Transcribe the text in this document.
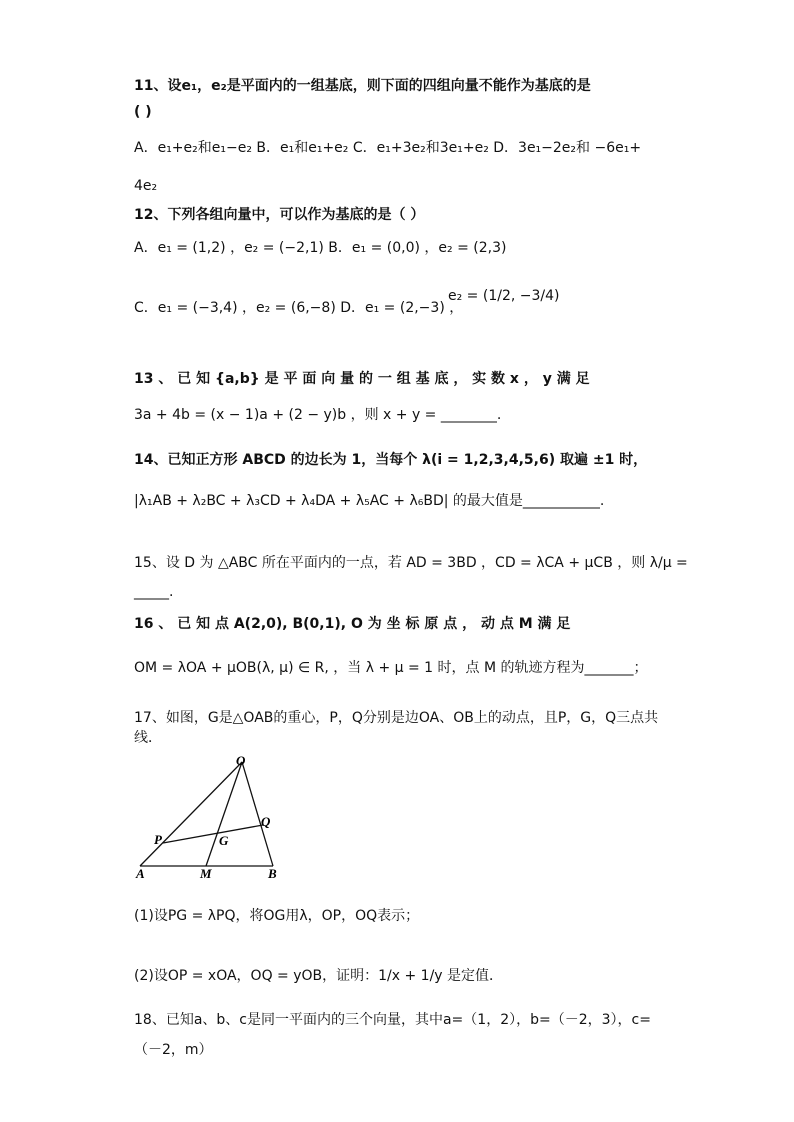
11、设e₁，e₂是平面内的一组基底，则下面的四组向量不能作为基底的是
( )
A．e₁+e₂和e₁−e₂ B．e₁和e₁+e₂ C．e₁+3e₂和3e₁+e₂ D．3e₁−2e₂和 −6e₁+
4e₂
12、下列各组向量中，可以作为基底的是（ ）
A．e₁ = (1,2) ，e₂ = (−2,1) B．e₁ = (0,0) ，e₂ = (2,3)
C．e₁ = (−3,4) ，e₂ = (6,−8) D．e₁ = (2,−3) ，
e₂ = (1/2, −3/4)
13 、 已 知 {a,b} 是 平 面 向 量 的 一 组 基 底 ， 实 数 x ， y 满 足
3a + 4b = (x − 1)a + (2 − y)b ，则 x + y = ________.
14、已知正方形 ABCD 的边长为 1，当每个 λ(i = 1,2,3,4,5,6) 取遍 ±1 时，
|λ₁AB + λ₂BC + λ₃CD + λ₄DA + λ₅AC + λ₆BD| 的最大值是___________.
15、设 D 为 △ABC 所在平面内的一点，若 AD = 3BD ，CD = λCA + μCB ，则 λ/μ =
_____.
16 、 已 知 点 A(2,0), B(0,1), O 为 坐 标 原 点 ， 动 点 M 满 足
OM = λOA + μOB(λ, μ) ∈ R, ，当 λ + μ = 1 时，点 M 的轨迹方程为_______；
17、如图，G是△OAB的重心，P，Q分别是边OA、OB上的动点，且P，G，Q三点共
线．
O
P
Q
G
A	M	B
(1)设PG = λPQ，将OG用λ，OP，OQ表示；
(2)设OP = xOA，OQ = yOB，证明：1/x + 1/y 是定值．
18、已知a、b、c是同一平面内的三个向量，其中a=（1，2），b=（－2，3），c=
（－2，m）
